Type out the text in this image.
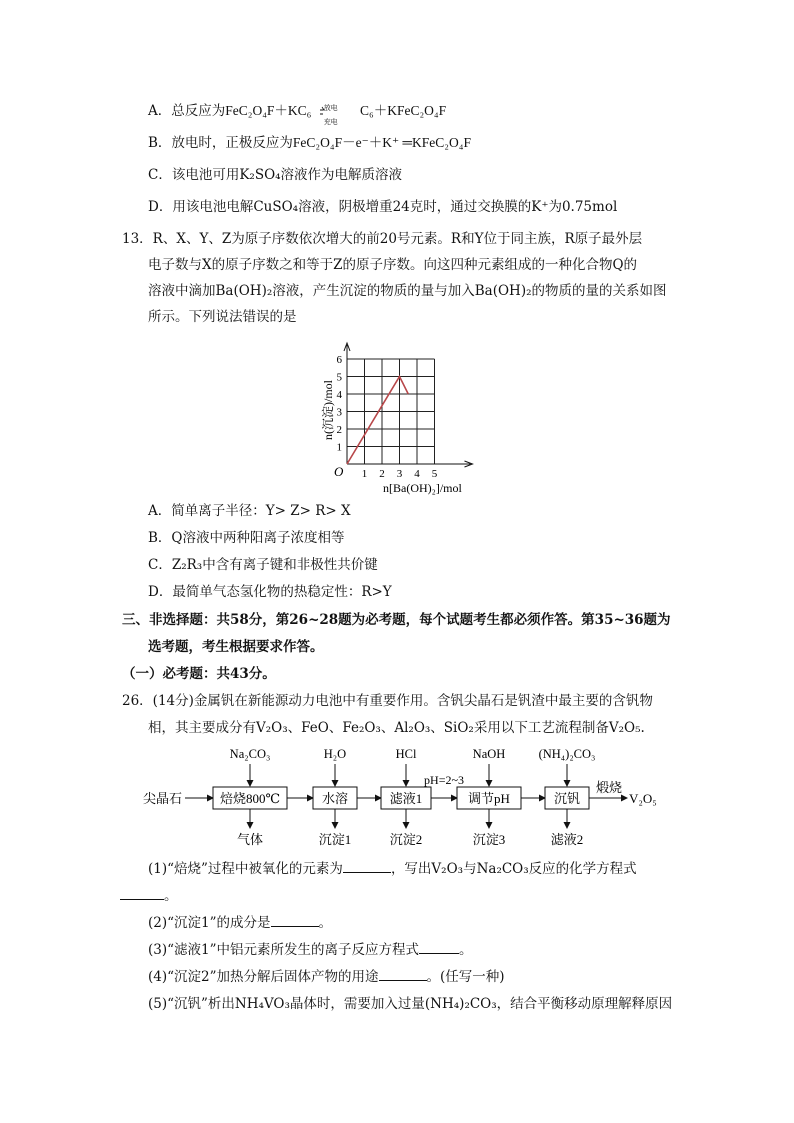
A．总反应为FeC₂O₄F＋KC₆ 放电
充电
C₆＋KFeC₂O₄F
B．放电时，正极反应为FeC₂O₄F－e⁻＋K⁺ ═KFeC₂O₄F
C．该电池可用K₂SO₄溶液作为电解质溶液
D．用该电池电解CuSO₄溶液，阴极增重24克时，通过交换膜的K⁺为0.75mol
13．R、X、Y、Z为原子序数依次增大的前20号元素。R和Y位于同主族，R原子最外层
电子数与X的原子序数之和等于Z的原子序数。向这四种元素组成的一种化合物Q的
溶液中滴加Ba(OH)₂溶液，产生沉淀的物质的量与加入Ba(OH)₂的物质的量的关系如图
所示。下列说法错误的是
1 2 3 4 5
1
2
3
4
5
6
O
n[Ba(OH)₂]/mol
n(沉淀)/mol
A．简单离子半径：Y> Z> R> X
B．Q溶液中两种阳离子浓度相等
C．Z₂R₃中含有离子键和非极性共价键
D．最简单气态氢化物的热稳定性：R>Y
三、非选择题：共58分，第26~28题为必考题，每个试题考生都必须作答。第35~36题为
选考题，考生根据要求作答。
（一）必考题：共43分。
26．(14分)金属钒在新能源动力电池中有重要作用。含钒尖晶石是钒渣中最主要的含钒物
相，其主要成分有V₂O₃、FeO、Fe₂O₃、Al₂O₃、SiO₂采用以下工艺流程制备V₂O₅.
尖晶石	焙烧800℃
Na₂CO₃
气体
水溶
H₂O
沉淀1
滤液1
HCl
沉淀2
pH=2~3
调节pH
NaOH
沉淀3
沉钒
(NH₄)₂CO₃
滤液2
煅烧
V₂O₅
(1)“焙烧”过程中被氧化的元素为	，写出V₂O₃与Na₂CO₃反应的化学方程式
。
(2)“沉淀1”的成分是	。
(3)“滤液1”中铝元素所发生的离子反应方程式	。
(4)“沉淀2”加热分解后固体产物的用途	。(任写一种)
(5)“沉钒”析出NH₄VO₃晶体时，需要加入过量(NH₄)₂CO₃，结合平衡移动原理解释原因
